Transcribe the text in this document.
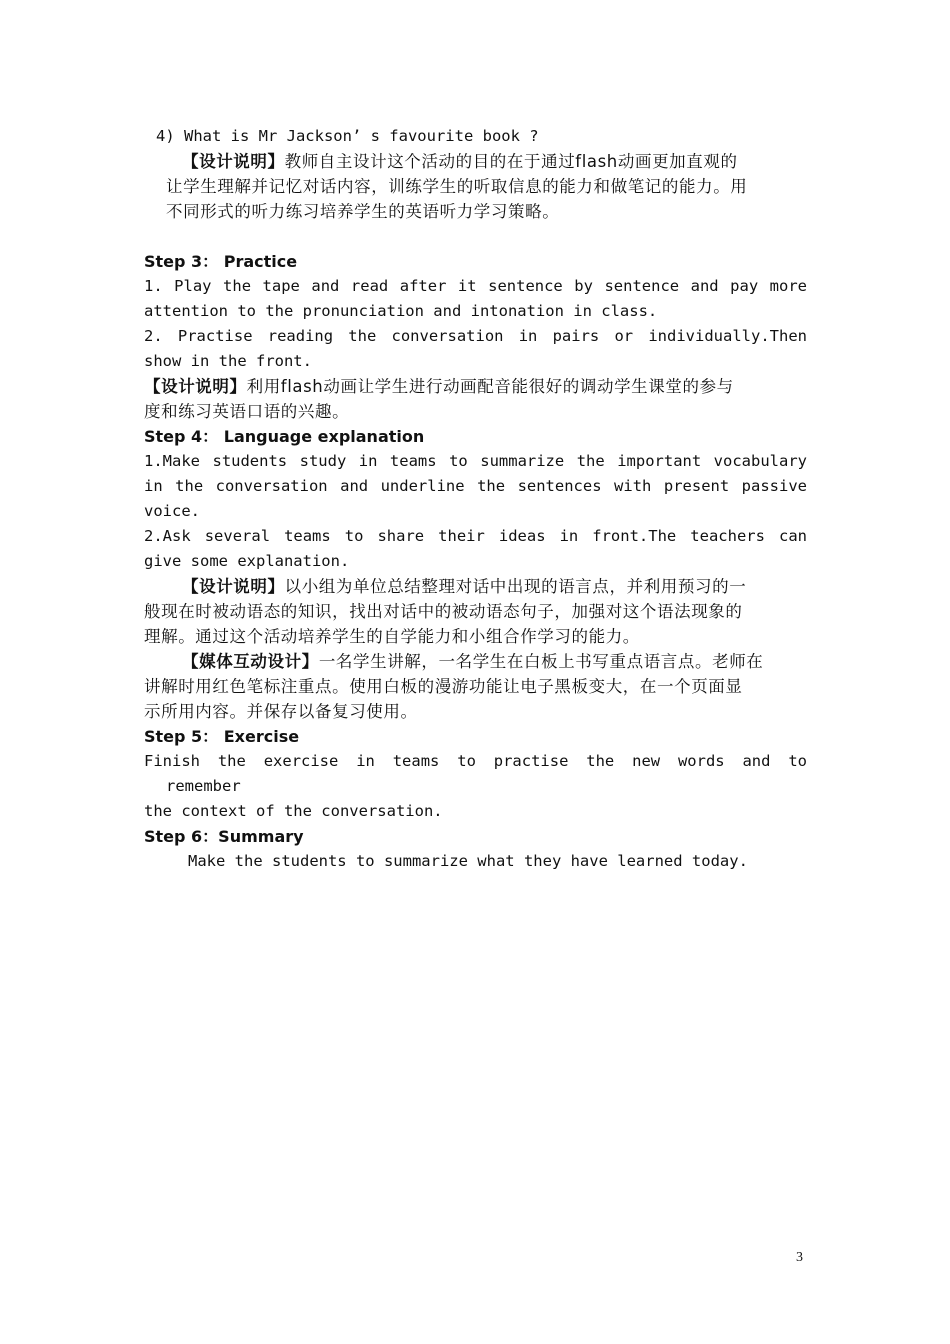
4) What is Mr Jackson’ s favourite book ?
【设计说明】教师自主设计这个活动的目的在于通过flash动画更加直观的
让学生理解并记忆对话内容，训练学生的听取信息的能力和做笔记的能力。用
不同形式的听力练习培养学生的英语听力学习策略。
Step 3： Practice
1. Play the tape and read after it sentence by sentence and pay more
attention to the pronunciation and intonation in class.
2. Practise reading the conversation in pairs or individually.Then
show in the front.
【设计说明】利用flash动画让学生进行动画配音能很好的调动学生课堂的参与
度和练习英语口语的兴趣。
Step 4： Language explanation
1.Make students study in teams to summarize the important vocabulary
in the conversation and underline the sentences with present passive
voice.
2.Ask several teams to share their ideas in front.The teachers can
give some explanation.
【设计说明】以小组为单位总结整理对话中出现的语言点，并利用预习的一
般现在时被动语态的知识，找出对话中的被动语态句子，加强对这个语法现象的
理解。通过这个活动培养学生的自学能力和小组合作学习的能力。
【媒体互动设计】一名学生讲解，一名学生在白板上书写重点语言点。老师在
讲解时用红色笔标注重点。使用白板的漫游功能让电子黑板变大，在一个页面显
示所用内容。并保存以备复习使用。
Step 5： Exercise
Finish the exercise in teams to practise the new words and to
remember
the context of the conversation.
Step 6：Summary
Make the students to summarize what they have learned today.
3
